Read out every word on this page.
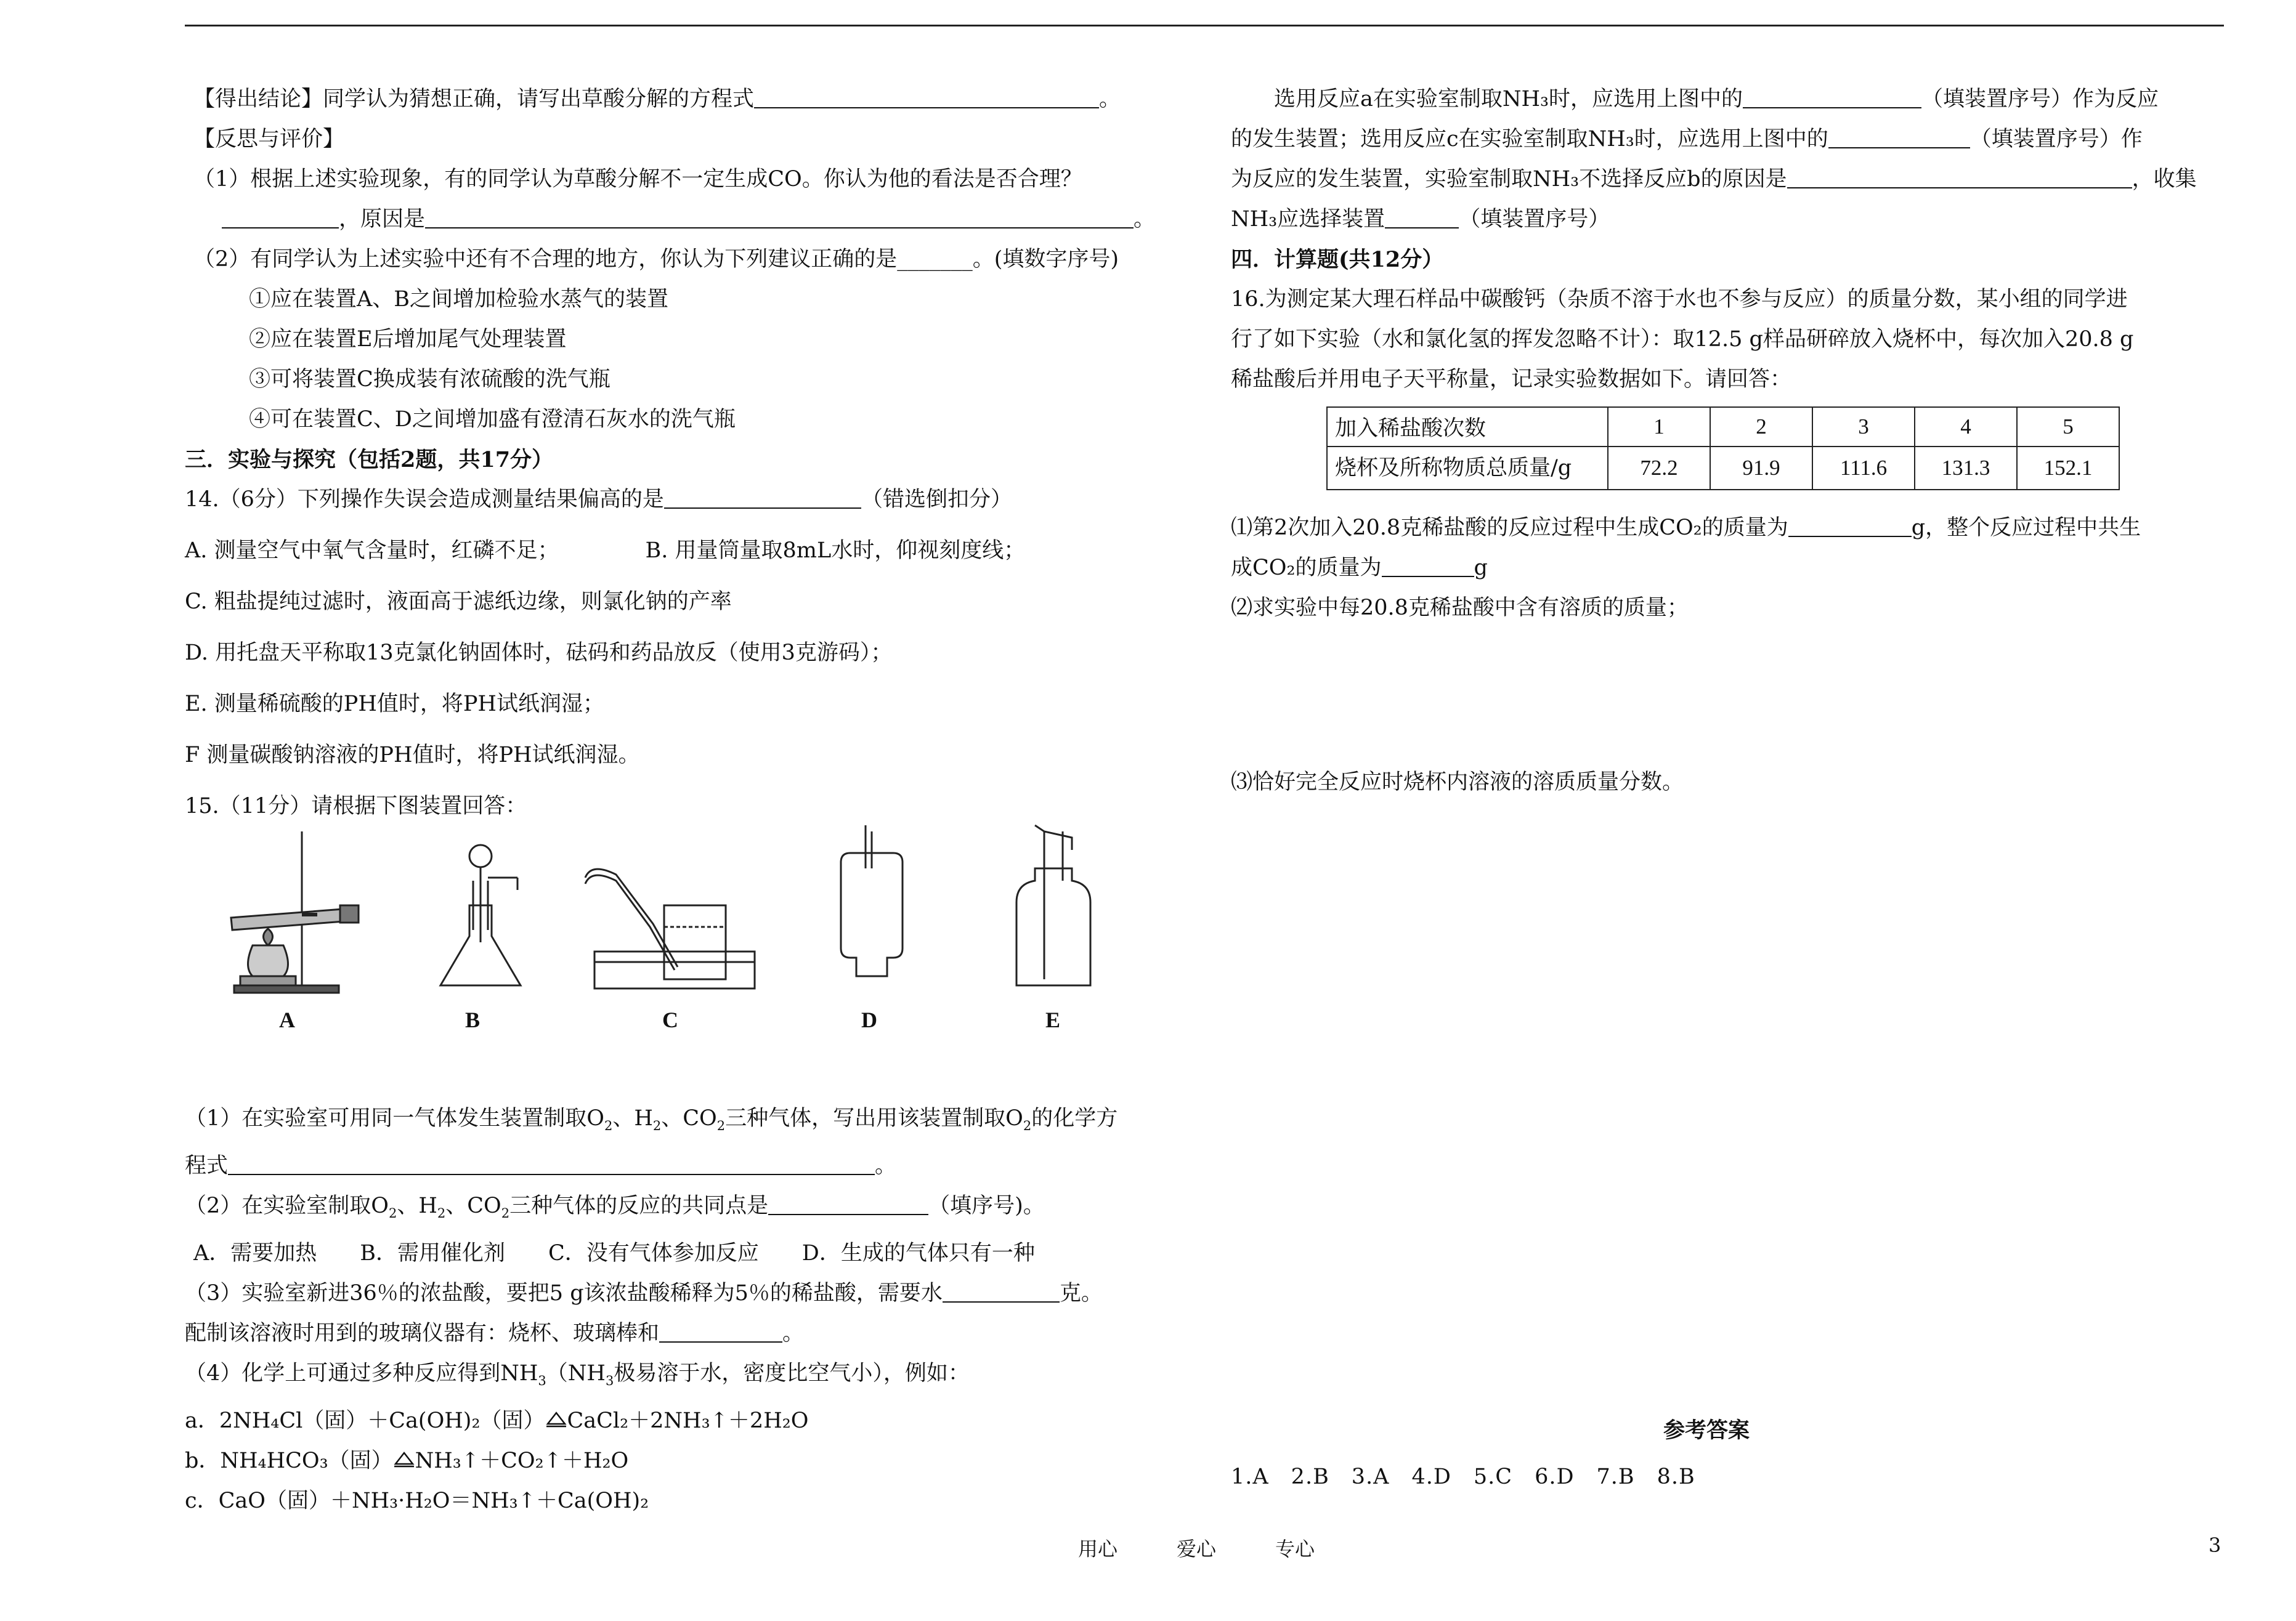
【得出结论】同学认为猜想正确，请写出草酸分解的方程式	。
【反思与评价】
（1）根据上述实验现象，有的同学认为草酸分解不一定生成CO。你认为他的看法是否合理？
，原因是	。
（2）有同学认为上述实验中还有不合理的地方，你认为下列建议正确的是_______。(填数字序号)
①应在装置A、B之间增加检验水蒸气的装置
②应在装置E后增加尾气处理装置
③可将装置C换成装有浓硫酸的洗气瓶
④可在装置C、D之间增加盛有澄清石灰水的洗气瓶
三．实验与探究（包括2题，共17分）
14.（6分）下列操作失误会造成测量结果偏高的是	（错选倒扣分）
A. 测量空气中氧气含量时，红磷不足；	B. 用量筒量取8mL水时，仰视刻度线；
C. 粗盐提纯过滤时，液面高于滤纸边缘，则氯化钠的产率
D. 用托盘天平称取13克氯化钠固体时，砝码和药品放反（使用3克游码）；
E. 测量稀硫酸的PH值时，将PH试纸润湿；
F 测量碳酸钠溶液的PH值时，将PH试纸润湿。
15.（11分）请根据下图装置回答：
A	B	C	D	E
（1）在实验室可用同一气体发生装置制取$O_2$、$H_2$、$CO_2$三种气体，写出用该装置制取$O_2$的化学方
程式	。
（2）在实验室制取$O_2$、$H_2$、$CO_2$三种气体的反应的共同点是	（填序号)。
A．需要加热　　B．需用催化剂　　C．没有气体参加反应　　D．生成的气体只有一种
（3）实验室新进36％的浓盐酸，要把5 g该浓盐酸稀释为5％的稀盐酸，需要水	克。
配制该溶液时用到的玻璃仪器有：烧杯、玻璃棒和	。
（4）化学上可通过多种反应得到$NH_3(NH_3$极易溶于水，密度比空气小），例如：
a．2NH₄Cl（固）＋Ca(OH)₂（固） CaCl₂＋2NH₃↑＋2H₂O
b．NH₄HCO₃（固） NH₃↑＋CO₂↑＋H₂O
c．CaO（固）＋NH₃·H₂O＝NH₃↑＋Ca(OH)₂
　　选用反应a在实验室制取NH₃时，应选用上图中的	（填装置序号）作为反应
的发生装置；选用反应c在实验室制取NH₃时，应选用上图中的	（填装置序号）作
为反应的发生装置，实验室制取NH₃不选择反应b的原因是	，收集
NH₃应选择装置	（填装置序号）
四．计算题(共12分）
16.为测定某大理石样品中碳酸钙（杂质不溶于水也不参与反应）的质量分数，某小组的同学进
行了如下实验（水和氯化氢的挥发忽略不计）：取12.5 g样品研碎放入烧杯中，每次加入20.8 g
稀盐酸后并用电子天平称量，记录实验数据如下。请回答：
加入稀盐酸次数	1	2	3	4	5
烧杯及所称物质总质量/g	72.2	91.9	111.6	131.3	152.1
⑴第2次加入20.8克稀盐酸的反应过程中生成CO₂的质量为	g，整个反应过程中共生
成CO₂的质量为	g
⑵求实验中每20.8克稀盐酸中含有溶质的质量；
⑶恰好完全反应时烧杯内溶液的溶质质量分数。
参考答案
1.A　2.B　3.A　4.D　5.C　6.D　7.B　8.B
用心　　　爱心　　　专心	3
